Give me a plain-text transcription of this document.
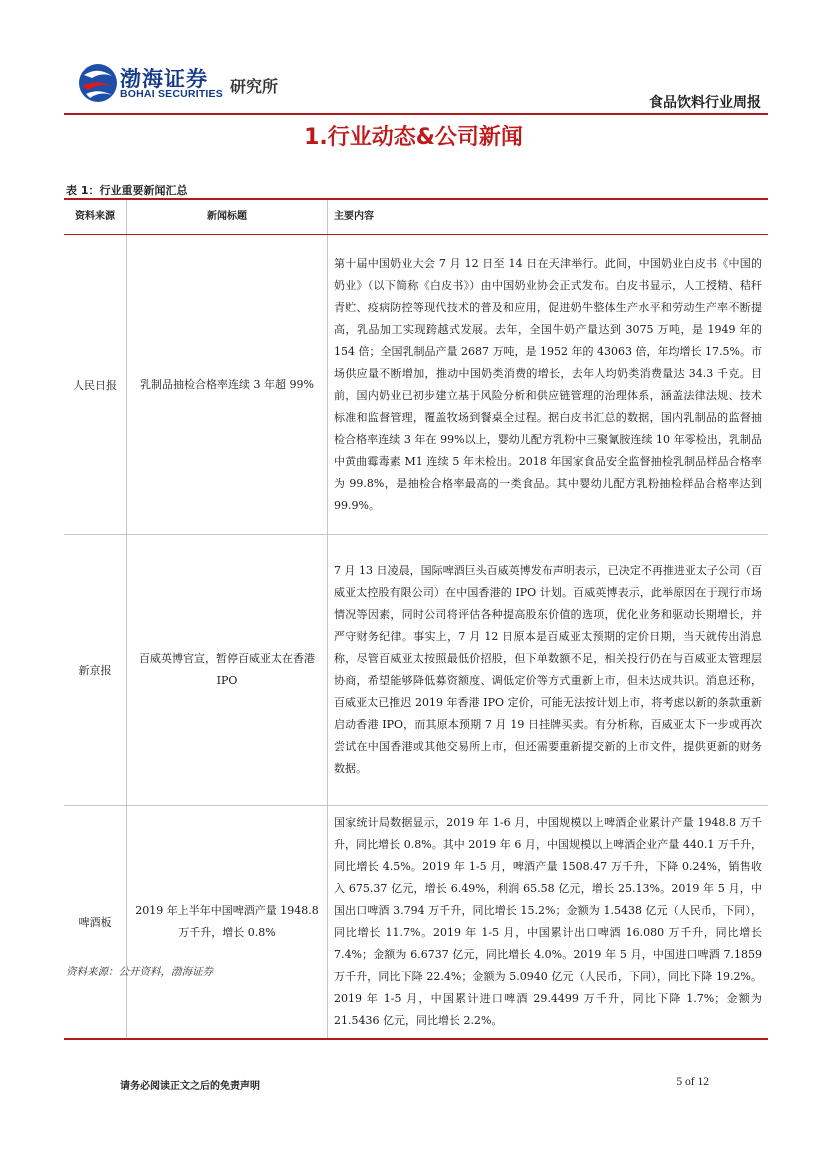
渤海证券
BOHAI SECURITIES 研究所
食品饮料行业周报
1.行业动态&公司新闻
表 1：行业重要新闻汇总
资料来源	新闻标题	主要内容
人民日报	乳制品抽检合格率连续 3 年超 99%	第十届中国奶业大会 7 月 12 日至 14 日在天津举行。此间，中国奶业白皮书《中国的奶业》（以下简称《白皮书》）由中国奶业协会正式发布。白皮书显示，人工授精、秸秆青贮、疫病防控等现代技术的普及和应用，促进奶牛整体生产水平和劳动生产率不断提高，乳品加工实现跨越式发展。去年，全国牛奶产量达到 3075 万吨，是 1949 年的 154 倍；全国乳制品产量 2687 万吨，是 1952 年的 43063 倍，年均增长 17.5%。市场供应量不断增加，推动中国奶类消费的增长，去年人均奶类消费量达 34.3 千克。目前，国内奶业已初步建立基于风险分析和供应链管理的治理体系，涵盖法律法规、技术标准和监督管理，覆盖牧场到餐桌全过程。据白皮书汇总的数据，国内乳制品的监督抽检合格率连续 3 年在 99%以上，婴幼儿配方乳粉中三聚氰胺连续 10 年零检出，乳制品中黄曲霉毒素 M1 连续 5 年未检出。2018 年国家食品安全监督抽检乳制品样品合格率为 99.8%，是抽检合格率最高的一类食品。其中婴幼儿配方乳粉抽检样品合格率达到 99.9%。
新京报	百威英博官宣，暂停百威亚太在香港 IPO	7 月 13 日凌晨，国际啤酒巨头百威英博发布声明表示，已决定不再推进亚太子公司（百威亚太控股有限公司）在中国香港的 IPO 计划。百威英博表示，此举原因在于现行市场情况等因素，同时公司将评估各种提高股东价值的选项，优化业务和驱动长期增长，并严守财务纪律。事实上，7 月 12 日原本是百威亚太预期的定价日期，当天就传出消息称，尽管百威亚太按照最低价招股，但下单数额不足，相关投行仍在与百威亚太管理层协商，希望能够降低募资额度、调低定价等方式重新上市，但未达成共识。消息还称，百威亚太已推迟 2019 年香港 IPO 定价，可能无法按计划上市，将考虑以新的条款重新启动香港 IPO，而其原本预期 7 月 19 日挂牌买卖。有分析称，百威亚太下一步或再次尝试在中国香港或其他交易所上市，但还需要重新提交新的上市文件，提供更新的财务数据。
啤酒板	2019 年上半年中国啤酒产量 1948.8 万千升，增长 0.8%	国家统计局数据显示，2019 年 1-6 月，中国规模以上啤酒企业累计产量 1948.8 万千升，同比增长 0.8%。其中 2019 年 6 月，中国规模以上啤酒企业产量 440.1 万千升，同比增长 4.5%。2019 年 1-5 月，啤酒产量 1508.47 万千升，下降 0.24%，销售收入 675.37 亿元，增长 6.49%，利润 65.58 亿元，增长 25.13%。2019 年 5 月，中国出口啤酒 3.794 万千升，同比增长 15.2%；金额为 1.5438 亿元（人民币，下同），同比增长 11.7%。2019 年 1-5 月，中国累计出口啤酒 16.080 万千升，同比增长 7.4%；金额为 6.6737 亿元，同比增长 4.0%。2019 年 5 月，中国进口啤酒 7.1859 万千升，同比下降 22.4%；金额为 5.0940 亿元（人民币，下同），同比下降 19.2%。2019 年 1-5 月，中国累计进口啤酒 29.4499 万千升，同比下降 1.7%；金额为 21.5436 亿元，同比增长 2.2%。
资料来源：公开资料，渤海证券
请务必阅读正文之后的免责声明	5 of 12
